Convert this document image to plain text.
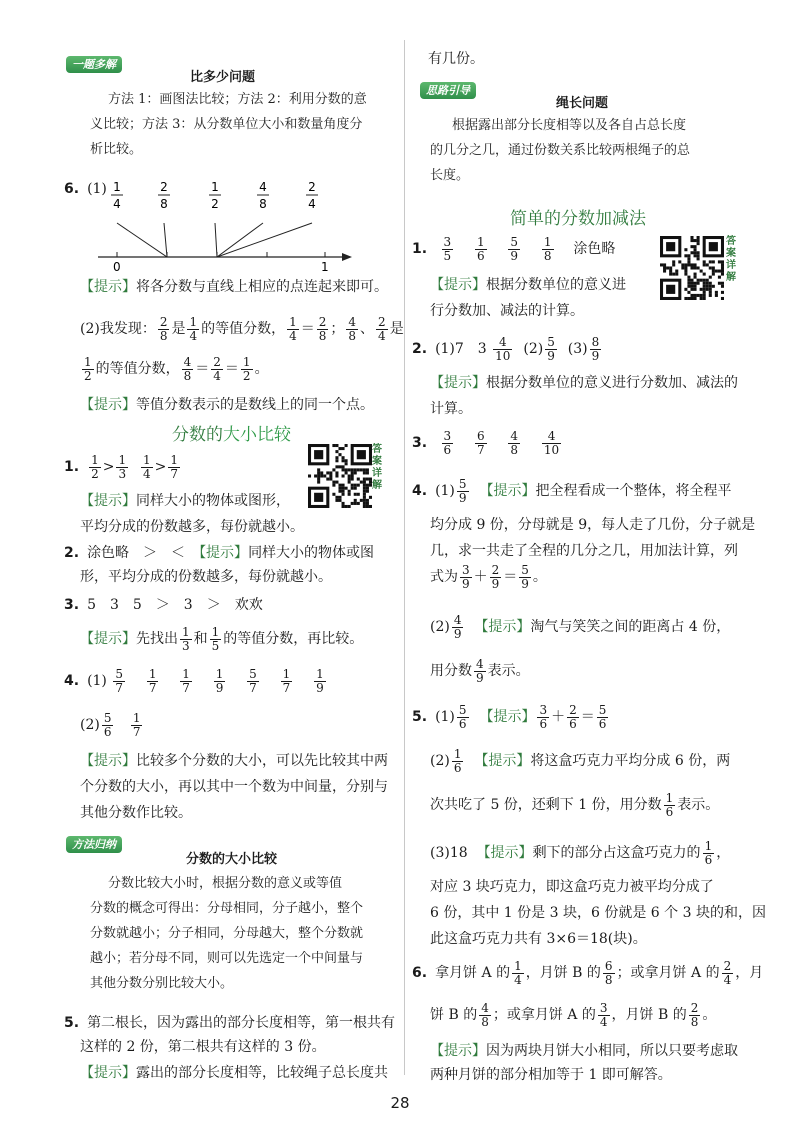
一题多解
比多少问题
方法 1：画图法比较；方法 2：利用分数的意
义比较；方法 3：从分数单位大小和数量角度分
析比较。
6. (1) 1
4
2
8
1
2
4
8
2
4
0	1
【提示】将各分数与直线上相应的点连起来即可。
(2)我发现： $\frac{2}{8}$ 是 $\frac{1}{4}$ 的等值分数， $\frac{1}{4} = \frac{2}{8}$ ； $\frac{4}{8}$ 、 $\frac{2}{4}$ 是
$\frac{1}{2}$ 的等值分数， $\frac{4}{8} = \frac{2}{4} = \frac{1}{2}$ 。
【提示】等值分数表示的是数线上的同一个点。
分数的大小比较
答
案
详
解
1. $\frac{1}{2} > \frac{1}{3}$
$\frac{1}{4} > \frac{1}{7}$
【提示】同样大小的物体或图形，
平均分成的份数越多，每份就越小。
2. 涂色略　＞　＜　【提示】同样大小的物体或图
形，平均分成的份数越多，每份就越小。
3. 5　3　5　＞　3　＞　欢欢
【提示】先找出 $\frac{1}{3}$ 和 $\frac{1}{5}$ 的等值分数，再比较。
4. $(1) \frac{5}{7}$
$\frac{1}{7}$
$\frac{1}{7}$
$\frac{1}{9}$
$\frac{5}{7}$
$\frac{1}{7}$
$\frac{1}{9}$
$(2) \frac{5}{6}$
$\frac{1}{7}$
【提示】比较多个分数的大小，可以先比较其中两
个分数的大小，再以其中一个数为中间量，分别与
其他分数作比较。
方法归纳
分数的大小比较
分数比较大小时，根据分数的意义或等值
分数的概念可得出：分母相同，分子越小，整个
分数就越小；分子相同，分母越大，整个分数就
越小；若分母不同，则可以先选定一个中间量与
其他分数分别比较大小。
5. 第二根长，因为露出的部分长度相等，第一根共有
这样的 2 份，第二根共有这样的 3 份。
【提示】露出的部分长度相等，比较绳子总长度共
有几份。
思路引导
绳长问题
根据露出部分长度相等以及各自占总长度
的几分之几，通过份数关系比较两根绳子的总
长度。
简单的分数加减法
答
案
详
解
1. $\frac{3}{5}$
$\frac{1}{6}$
$\frac{5}{9}$
$\frac{1}{8}$ 涂色略
【提示】根据分数单位的意义进
行分数加、减法的计算。
2. (1)7　$3 \frac{4}{10} (2) \frac{5}{9} (3) \frac{8}{9}$
【提示】根据分数单位的意义进行分数加、减法的
计算。
3. $\frac{3}{6}$
$\frac{6}{7}$
$\frac{4}{8}$
$\frac{4}{10}$
4. $(1) \frac{5}{9}$ 【提示】把全程看成一个整体，将全程平
均分成 9 份，分母就是 9，每人走了几份，分子就是
几，求一共走了全程的几分之几，用加法计算，列
式为 $\frac{3}{9} + \frac{2}{9} = \frac{5}{9}$ 。
$(2) \frac{4}{9}$ 【提示】淘气与笑笑之间的距离占 4 份，
用分数 $\frac{4}{9}$ 表示。
5. $(1) \frac{5}{6}$ 【提示】 $\frac{3}{6} + \frac{2}{6} = \frac{5}{6}$
$(2) \frac{1}{6}$ 【提示】将这盒巧克力平均分成 6 份，两
次共吃了 5 份，还剩下 1 份，用分数 $\frac{1}{6}$ 表示。
(3)18 【提示】剩下的部分占这盒巧克力的 $\frac{1}{6}$ ，
对应 3 块巧克力，即这盒巧克力被平均分成了
6 份，其中 1 份是 3 块，6 份就是 6 个 3 块的和，因
此这盒巧克力共有 3×6＝18(块)。
6. 拿月饼 A 的 $\frac{1}{4}$ ，月饼 B 的 $\frac{6}{8}$ ；或拿月饼 A 的 $\frac{2}{4}$ ，月
饼 B 的 $\frac{4}{8}$ ；或拿月饼 A 的 $\frac{3}{4}$ ，月饼 B 的 $\frac{2}{8}$ 。
【提示】因为两块月饼大小相同，所以只要考虑取
两种月饼的部分相加等于 1 即可解答。
28
